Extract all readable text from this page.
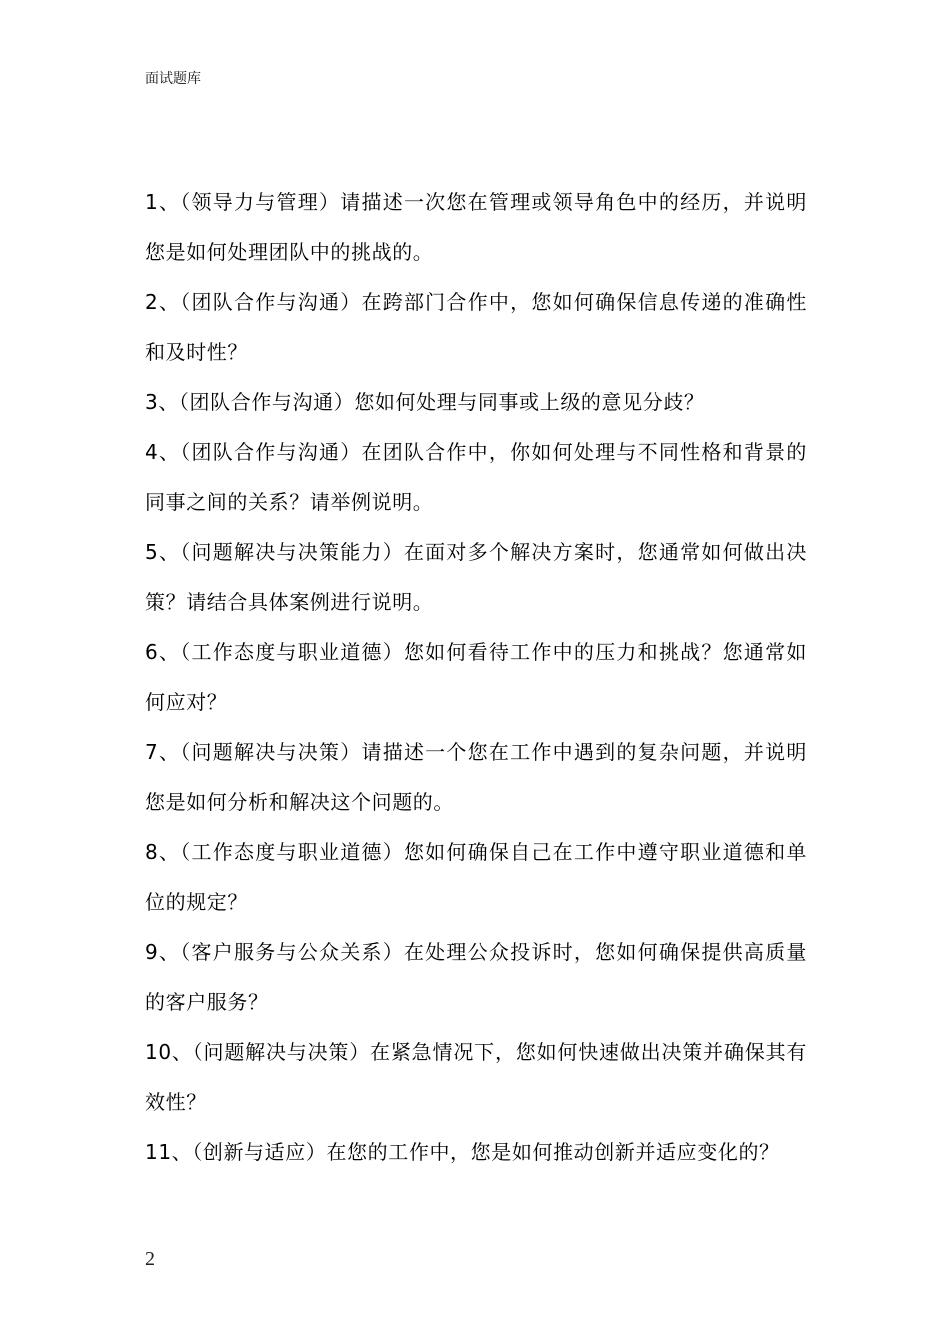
面试题库
1、（领导力与管理）请描述一次您在管理或领导角色中的经历，并说明您是如何处理团队中的挑战的。
2、（团队合作与沟通）在跨部门合作中，您如何确保信息传递的准确性和及时性？
3、（团队合作与沟通）您如何处理与同事或上级的意见分歧？
4、（团队合作与沟通）在团队合作中，你如何处理与不同性格和背景的同事之间的关系？请举例说明。
5、（问题解决与决策能力）在面对多个解决方案时，您通常如何做出决策？请结合具体案例进行说明。
6、（工作态度与职业道德）您如何看待工作中的压力和挑战？您通常如何应对？
7、（问题解决与决策）请描述一个您在工作中遇到的复杂问题，并说明您是如何分析和解决这个问题的。
8、（工作态度与职业道德）您如何确保自己在工作中遵守职业道德和单位的规定？
9、（客户服务与公众关系）在处理公众投诉时，您如何确保提供高质量的客户服务？
10、（问题解决与决策）在紧急情况下，您如何快速做出决策并确保其有效性？
11、（创新与适应）在您的工作中，您是如何推动创新并适应变化的？
2
